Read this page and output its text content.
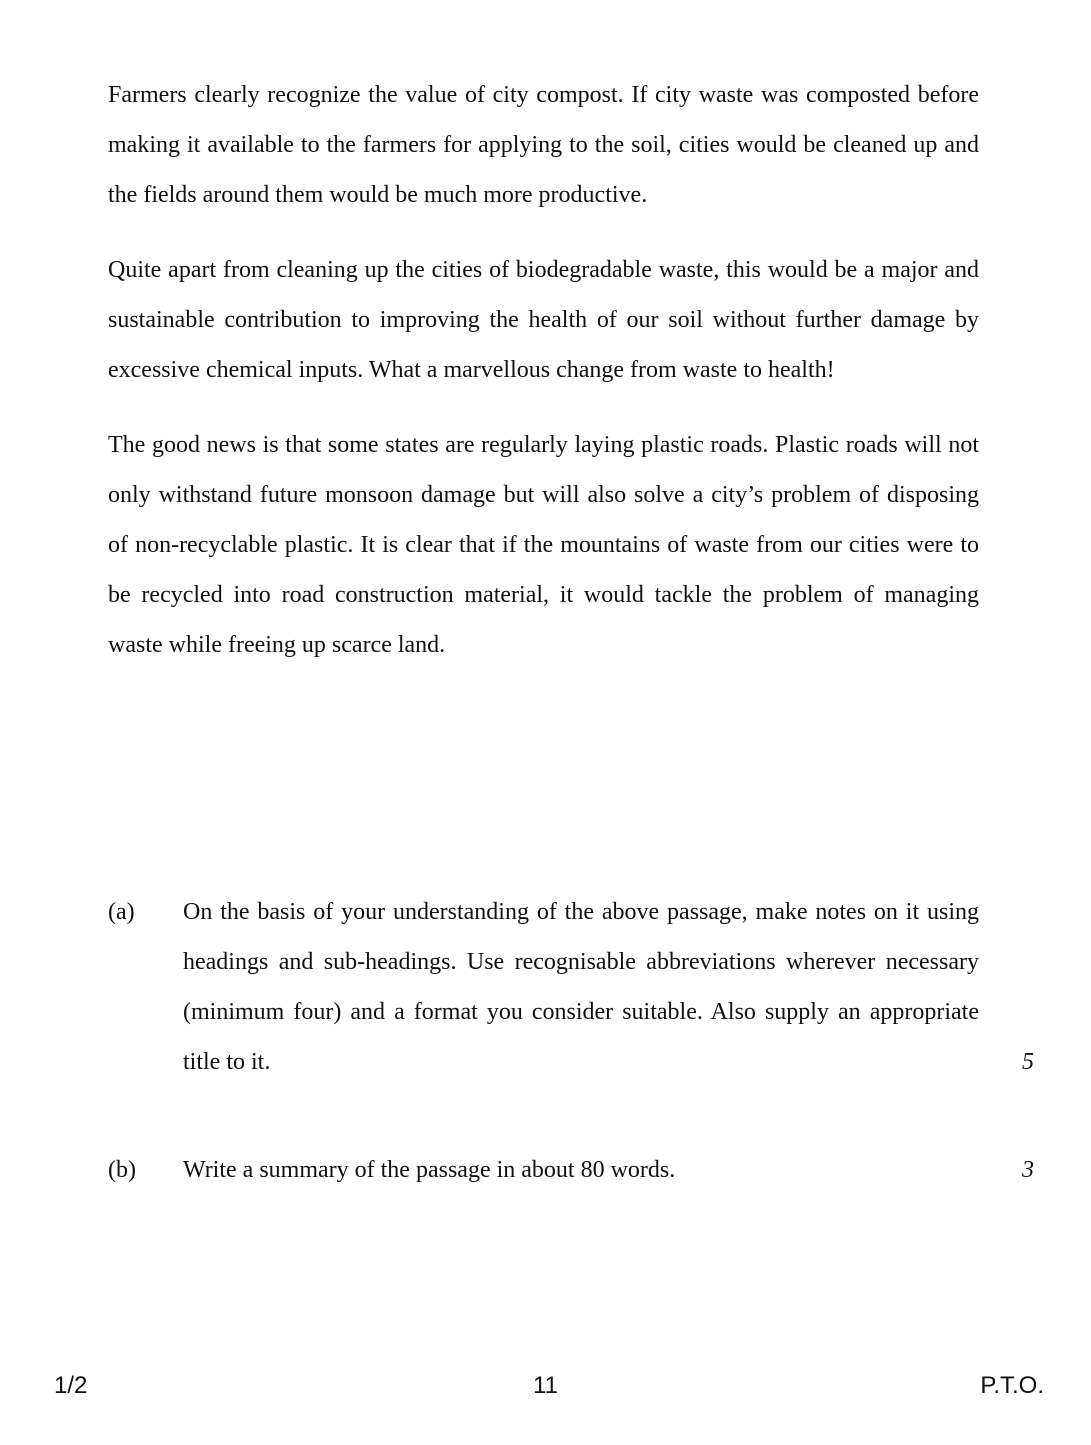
Farmers clearly recognize the value of city compost. If city waste was composted before making it available to the farmers for applying to the soil, cities would be cleaned up and the fields around them would be much more productive.

Quite apart from cleaning up the cities of biodegradable waste, this would be a major and sustainable contribution to improving the health of our soil without further damage by excessive chemical inputs. What a marvellous change from waste to health!

The good news is that some states are regularly laying plastic roads. Plastic roads will not only withstand future monsoon damage but will also solve a city’s problem of disposing of non-recyclable plastic. It is clear that if the mountains of waste from our cities were to be recycled into road construction material, it would tackle the problem of managing waste while freeing up scarce land.

(a)	On the basis of your understanding of the above passage, make notes on it using headings and sub-headings. Use recognisable abbreviations wherever necessary (minimum four) and a format you consider suitable. Also supply an appropriate title to it.	5
(b)	Write a summary of the passage in about 80 words.	3
1/2	11	P.T.O.
